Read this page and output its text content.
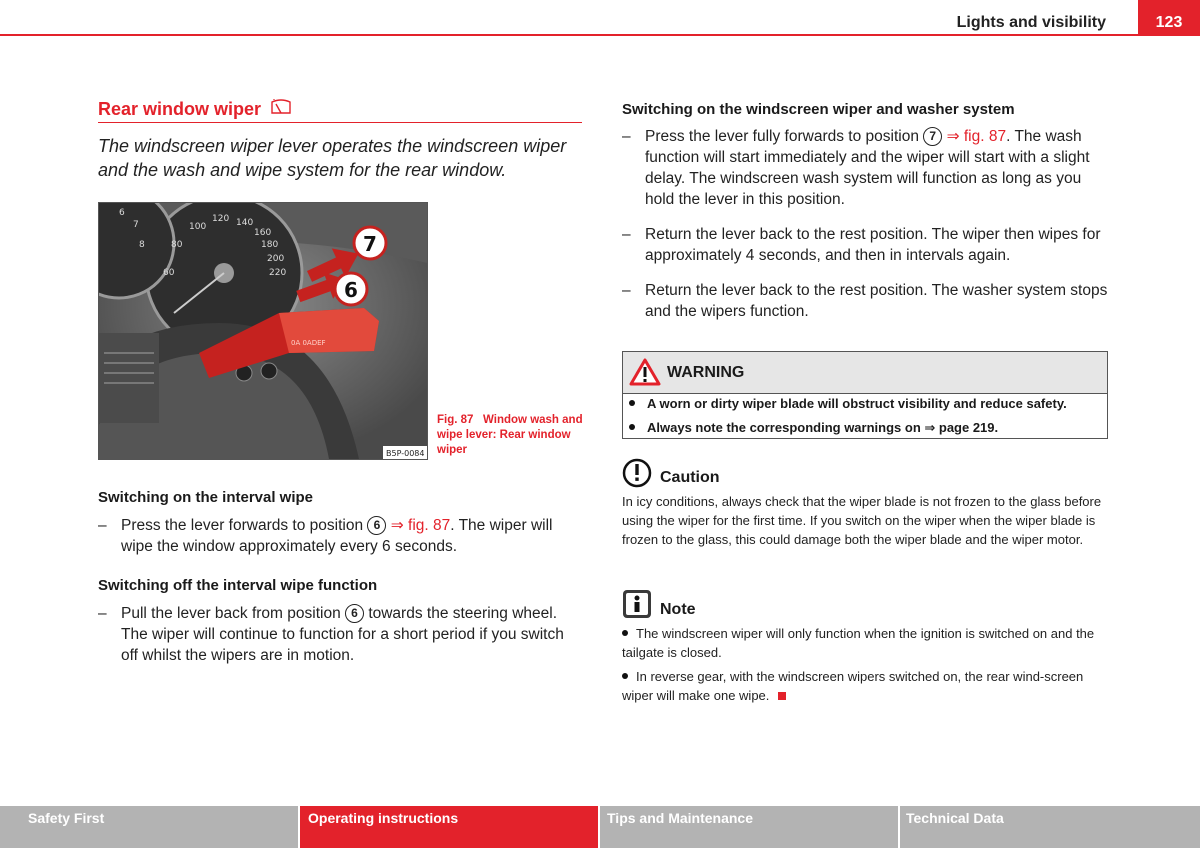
Lights and visibility	123
Rear window wiper
The windscreen wiper lever operates the windscreen wiper and the wash and wipe system for the rear window.
120 140
100
160
80	180
60
200
220
6
7
8
0A 0ADEF
7
6
B5P-0084
Fig. 87 Window wash and wipe lever: Rear window wiper
Switching on the interval wipe
– Press the lever forwards to position 6 ⇒ fig. 87. The wiper will
wipe the window approximately every 6 seconds.
Switching off the interval wipe function
– Pull the lever back from position 6 towards the steering wheel.
The wiper will continue to function for a short period if you switch
off whilst the wipers are in motion.
Switching on the windscreen wiper and washer system
– Press the lever fully forwards to position 7 ⇒ fig. 87. The wash function will start immediately and the wiper will start with a slight delay. The windscreen wash system will function as long as you hold the lever in this position.
– Return the lever back to the rest position. The wiper then wipes for approximately 4 seconds, and then in intervals again.
– Return the lever back to the rest position. The washer system stops and the wipers function.
WARNING
A worn or dirty wiper blade will obstruct visibility and reduce safety.
Always note the corresponding warnings on ⇒ page 219.
Caution
In icy conditions, always check that the wiper blade is not frozen to the glass before using the wiper for the first time. If you switch on the wiper when the wiper blade is frozen to the glass, this could damage both the wiper blade and the wiper motor.
Note
The windscreen wiper will only function when the ignition is switched on and the tailgate is closed.
In reverse gear, with the windscreen wipers switched on, the rear wind-screen wiper will make one wipe.
Safety First	Operating instructions	Tips and Maintenance	Technical Data
